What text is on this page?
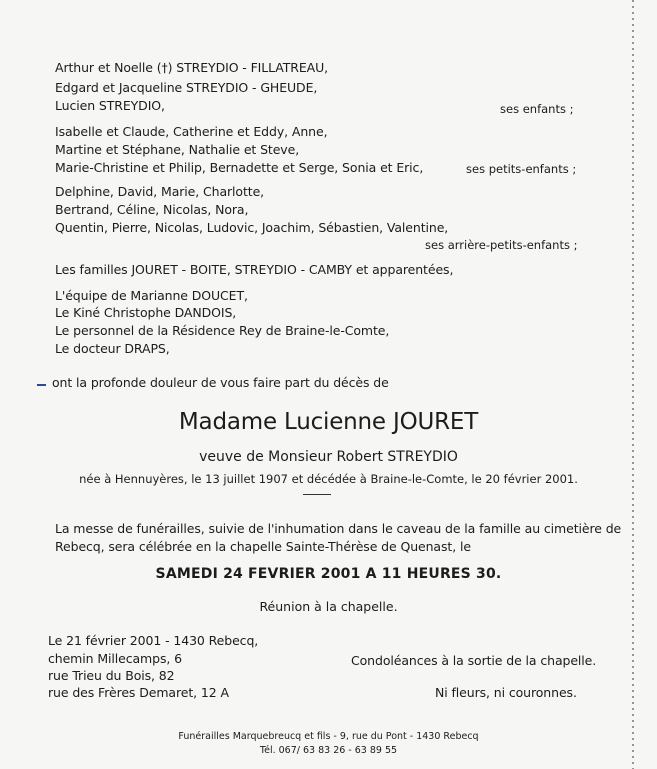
Arthur et Noelle (†) STREYDIO - FILLATREAU,
Edgard et Jacqueline STREYDIO - GHEUDE,
Lucien STREYDIO,	ses enfants ;
Isabelle et Claude, Catherine et Eddy, Anne,
Martine et Stéphane, Nathalie et Steve,
Marie-Christine et Philip, Bernadette et Serge, Sonia et Eric,	ses petits-enfants ;
Delphine, David, Marie, Charlotte,
Bertrand, Céline, Nicolas, Nora,
Quentin, Pierre, Nicolas, Ludovic, Joachim, Sébastien, Valentine,
ses arrière-petits-enfants ;
Les familles JOURET - BOITE, STREYDIO - CAMBY et apparentées,
L'équipe de Marianne DOUCET,
Le Kiné Christophe DANDOIS,
Le personnel de la Résidence Rey de Braine-le-Comte,
Le docteur DRAPS,
ont la profonde douleur de vous faire part du décès de
Madame Lucienne JOURET
veuve de Monsieur Robert STREYDIO
née à Hennuyères, le 13 juillet 1907 et décédée à Braine-le-Comte, le 20 février 2001.
La messe de funérailles, suivie de l'inhumation dans le caveau de la famille au cimetière de
Rebecq, sera célébrée en la chapelle Sainte-Thérèse de Quenast, le
SAMEDI 24 FEVRIER 2001 A 11 HEURES 30.
Réunion à la chapelle.
Le 21 février 2001 - 1430 Rebecq,
chemin Millecamps, 6
rue Trieu du Bois, 82
rue des Frères Demaret, 12 A
Condoléances à la sortie de la chapelle.
Ni fleurs, ni couronnes.
Funérailles Marquebreucq et fils - 9, rue du Pont - 1430 Rebecq
Tél. 067/ 63 83 26 - 63 89 55
